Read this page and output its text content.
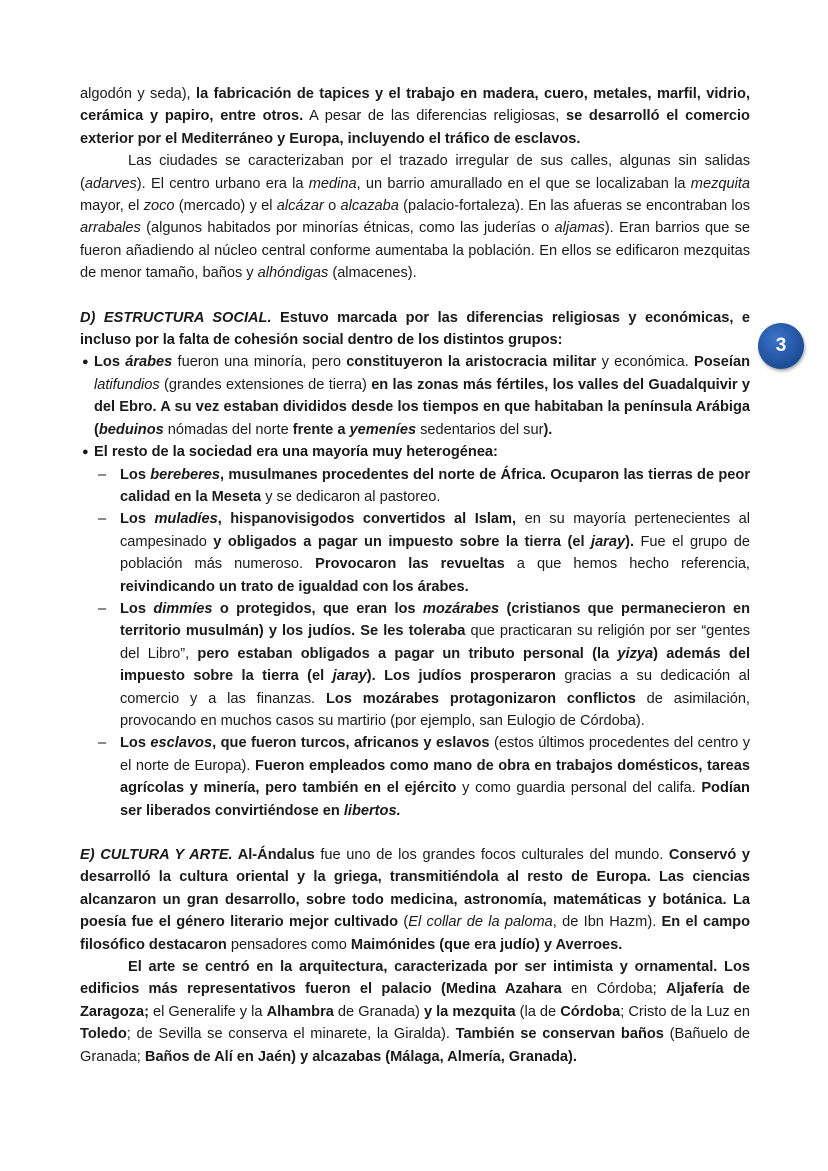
3

algodón y seda), la fabricación de tapices y el trabajo en madera, cuero, metales, marfil, vidrio, cerámica y papiro, entre otros. A pesar de las diferencias religiosas, se desarrolló el comercio exterior por el Mediterráneo y Europa, incluyendo el tráfico de esclavos.

Las ciudades se caracterizaban por el trazado irregular de sus calles, algunas sin salidas (adarves). El centro urbano era la medina, un barrio amurallado en el que se localizaban la mezquita mayor, el zoco (mercado) y el alcázar o alcazaba (palacio-fortaleza). En las afueras se encontraban los arrabales (algunos habitados por minorías étnicas, como las juderías o aljamas). Eran barrios que se fueron añadiendo al núcleo central conforme aumentaba la población. En ellos se edificaron mezquitas de menor tamaño, baños y alhóndigas (almacenes).

D) ESTRUCTURA SOCIAL. Estuvo marcada por las diferencias religiosas y económicas, e incluso por la falta de cohesión social dentro de los distintos grupos:

● Los árabes fueron una minoría, pero constituyeron la aristocracia militar y económica. Poseían latifundios (grandes extensiones de tierra) en las zonas más fértiles, los valles del Guadalquivir y del Ebro. A su vez estaban divididos desde los tiempos en que habitaban la península Arábiga (beduinos nómadas del norte frente a yemeníes sedentarios del sur).
● El resto de la sociedad era una mayoría muy heterogénea:
– Los bereberes, musulmanes procedentes del norte de África. Ocuparon las tierras de peor calidad en la Meseta y se dedicaron al pastoreo.
– Los muladíes, hispanovisigodos convertidos al Islam, en su mayoría pertenecientes al campesinado y obligados a pagar un impuesto sobre la tierra (el jaray). Fue el grupo de población más numeroso. Provocaron las revueltas a que hemos hecho referencia, reivindicando un trato de igualdad con los árabes.
– Los dimmíes o protegidos, que eran los mozárabes (cristianos que permanecieron en territorio musulmán) y los judíos. Se les toleraba que practicaran su religión por ser “gentes del Libro”, pero estaban obligados a pagar un tributo personal (la yizya) además del impuesto sobre la tierra (el jaray). Los judíos prosperaron gracias a su dedicación al comercio y a las finanzas. Los mozárabes protagonizaron conflictos de asimilación, provocando en muchos casos su martirio (por ejemplo, san Eulogio de Córdoba).
– Los esclavos, que fueron turcos, africanos y eslavos (estos últimos procedentes del centro y el norte de Europa). Fueron empleados como mano de obra en trabajos domésticos, tareas agrícolas y minería, pero también en el ejército y como guardia personal del califa. Podían ser liberados convirtiéndose en libertos.

E) CULTURA Y ARTE. Al-Ándalus fue uno de los grandes focos culturales del mundo. Conservó y desarrolló la cultura oriental y la griega, transmitiéndola al resto de Europa. Las ciencias alcanzaron un gran desarrollo, sobre todo medicina, astronomía, matemáticas y botánica. La poesía fue el género literario mejor cultivado (El collar de la paloma, de Ibn Hazm). En el campo filosófico destacaron pensadores como Maimónides (que era judío) y Averroes.

El arte se centró en la arquitectura, caracterizada por ser intimista y ornamental. Los edificios más representativos fueron el palacio (Medina Azahara en Córdoba; Aljafería de Zaragoza; el Generalife y la Alhambra de Granada) y la mezquita (la de Córdoba; Cristo de la Luz en Toledo; de Sevilla se conserva el minarete, la Giralda). También se conservan baños (Bañuelo de Granada; Baños de Alí en Jaén) y alcazabas (Málaga, Almería, Granada).
